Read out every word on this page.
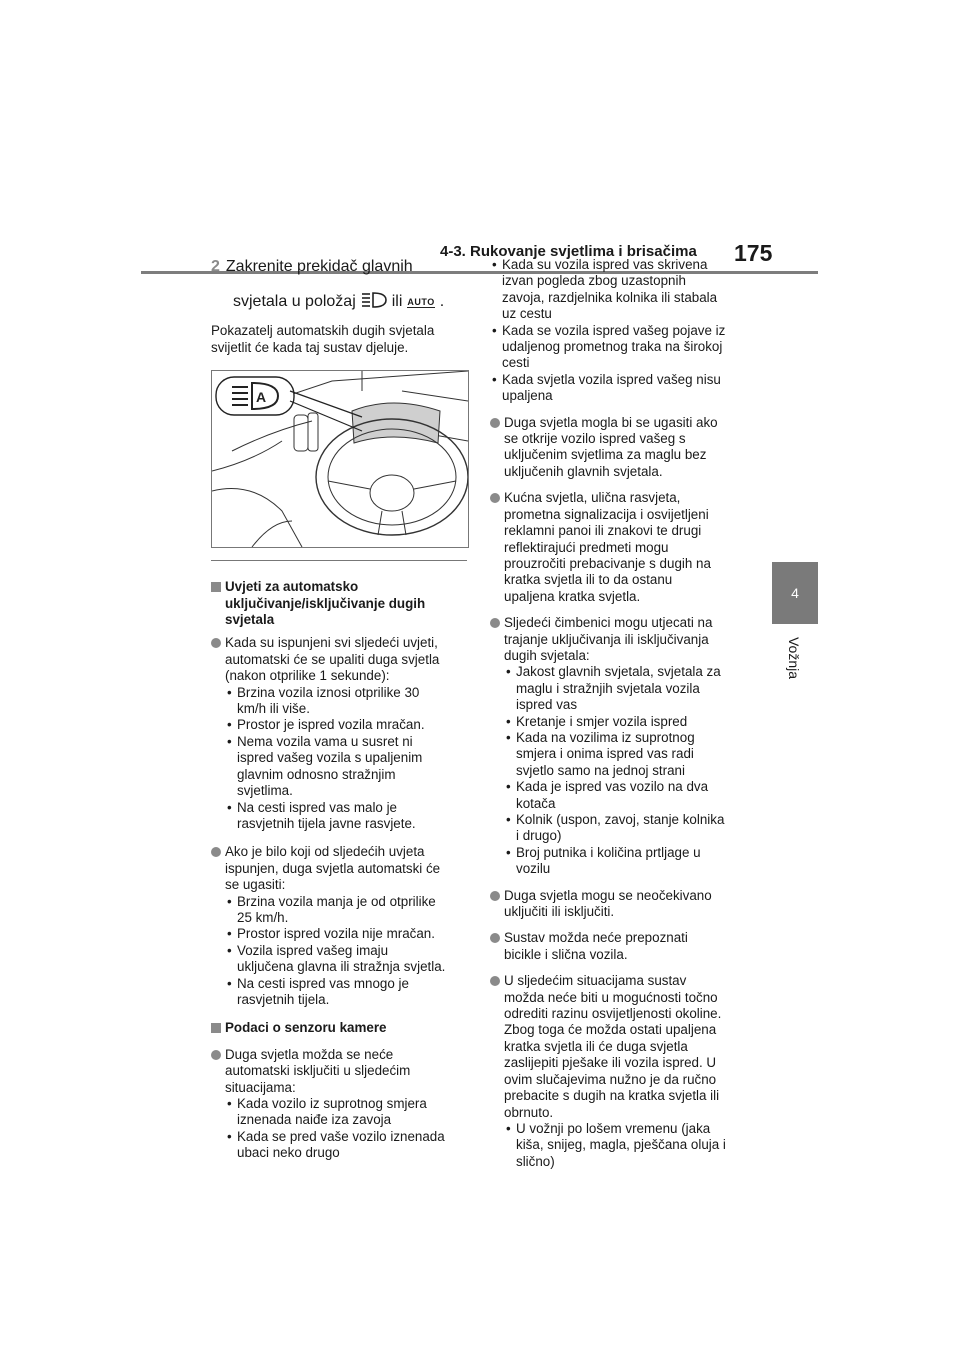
4-3. Rukovanje svjetlima i brisačima 175
4
Vožnja
2 Zakrenite prekidač glavnih
svjetala u položaj ili AUTO .
Pokazatelj automatskih dugih svjetala svijetlit će kada taj sustav djeluje.
A
Uvjeti za automatsko uključivanje/isključivanje dugih svjetala
Kada su ispunjeni svi sljedeći uvjeti, automatski će se upaliti duga svjetla (nakon otprilike 1 sekunde):
• Brzina vozila iznosi otprilike 30 km/h ili više.
• Prostor je ispred vozila mračan.
• Nema vozila vama u susret ni ispred vašeg vozila s upaljenim glavnim odnosno stražnjim svjetlima.
• Na cesti ispred vas malo je rasvjetnih tijela javne rasvjete.
Ako je bilo koji od sljedećih uvjeta ispunjen, duga svjetla automatski će se ugasiti:
• Brzina vozila manja je od otprilike 25 km/h.
• Prostor ispred vozila nije mračan.
• Vozila ispred vašeg imaju uključena glavna ili stražnja svjetla.
• Na cesti ispred vas mnogo je rasvjetnih tijela.
Podaci o senzoru kamere
Duga svjetla možda se neće automatski isključiti u sljedećim situacijama:
• Kada vozilo iz suprotnog smjera iznenada naiđe iza zavoja
• Kada se pred vaše vozilo iznenada ubaci neko drugo
• Kada su vozila ispred vas skrivena izvan pogleda zbog uzastopnih zavoja, razdjelnika kolnika ili stabala uz cestu
• Kada se vozila ispred vašeg pojave iz udaljenog prometnog traka na širokoj cesti
• Kada svjetla vozila ispred vašeg nisu upaljena
Duga svjetla mogla bi se ugasiti ako se otkrije vozilo ispred vašeg s uključenim svjetlima za maglu bez uključenih glavnih svjetala.
Kućna svjetla, ulična rasvjeta, prometna signalizacija i osvijetljeni reklamni panoi ili znakovi te drugi reflektirajući predmeti mogu prouzročiti prebacivanje s dugih na kratka svjetla ili to da ostanu upaljena kratka svjetla.
Sljedeći čimbenici mogu utjecati na trajanje uključivanja ili isključivanja dugih svjetala:
• Jakost glavnih svjetala, svjetala za maglu i stražnjih svjetala vozila ispred vas
• Kretanje i smjer vozila ispred
• Kada na vozilima iz suprotnog smjera i onima ispred vas radi svjetlo samo na jednoj strani
• Kada je ispred vas vozilo na dva kotača
• Kolnik (uspon, zavoj, stanje kolnika i drugo)
• Broj putnika i količina prtljage u vozilu
Duga svjetla mogu se neočekivano uključiti ili isključiti.
Sustav možda neće prepoznati bicikle i slična vozila.
U sljedećim situacijama sustav možda neće biti u mogućnosti točno odrediti razinu osvijetljenosti okoline. Zbog toga će možda ostati upaljena kratka svjetla ili će duga svjetla zaslijepiti pješake ili vozila ispred. U ovim slučajevima nužno je da ručno prebacite s dugih na kratka svjetla ili obrnuto.
• U vožnji po lošem vremenu (jaka kiša, snijeg, magla, pješčana oluja i slično)
